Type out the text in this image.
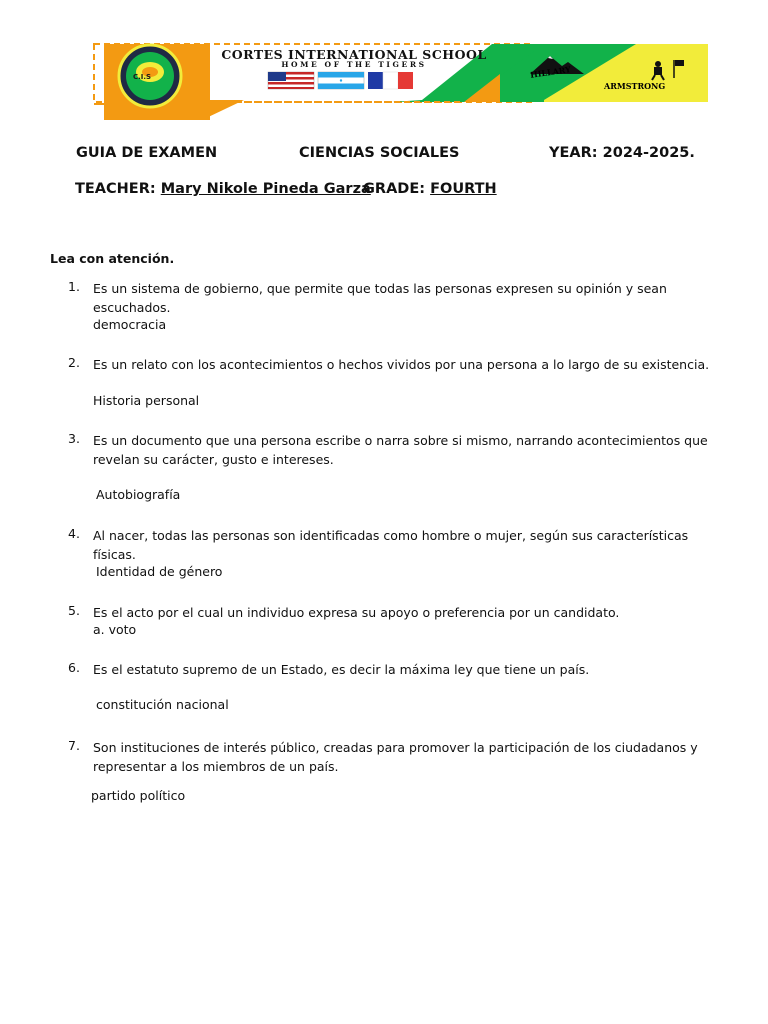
C.I.S
CORTES INTERNATIONAL SCHOOL
HOME OF THE TIGERS	HILLARY
ARMSTRONG
GUIA DE EXAMEN	CIENCIAS SOCIALES	YEAR: 2024-2025.
TEACHER: Mary Nikole Pineda Garza
GRADE: FOURTH
Lea con atención.
1. Es un sistema de gobierno, que permite que todas las personas expresen su opinión y sean escuchados.
democracia
2. Es un relato con los acontecimientos o hechos vividos por una persona a lo largo de su existencia.
Historia personal
3. Es un documento que una persona escribe o narra sobre si mismo, narrando acontecimientos que revelan su carácter, gusto e intereses.
Autobiografía
4. Al nacer, todas las personas son identificadas como hombre o mujer, según sus características físicas.
Identidad de género
5. Es el acto por el cual un individuo expresa su apoyo o preferencia por un candidato.
a. voto
6. Es el estatuto supremo de un Estado, es decir la máxima ley que tiene un país.
constitución nacional
7. Son instituciones de interés público, creadas para promover la participación de los ciudadanos y representar a los miembros de un país.
partido político
